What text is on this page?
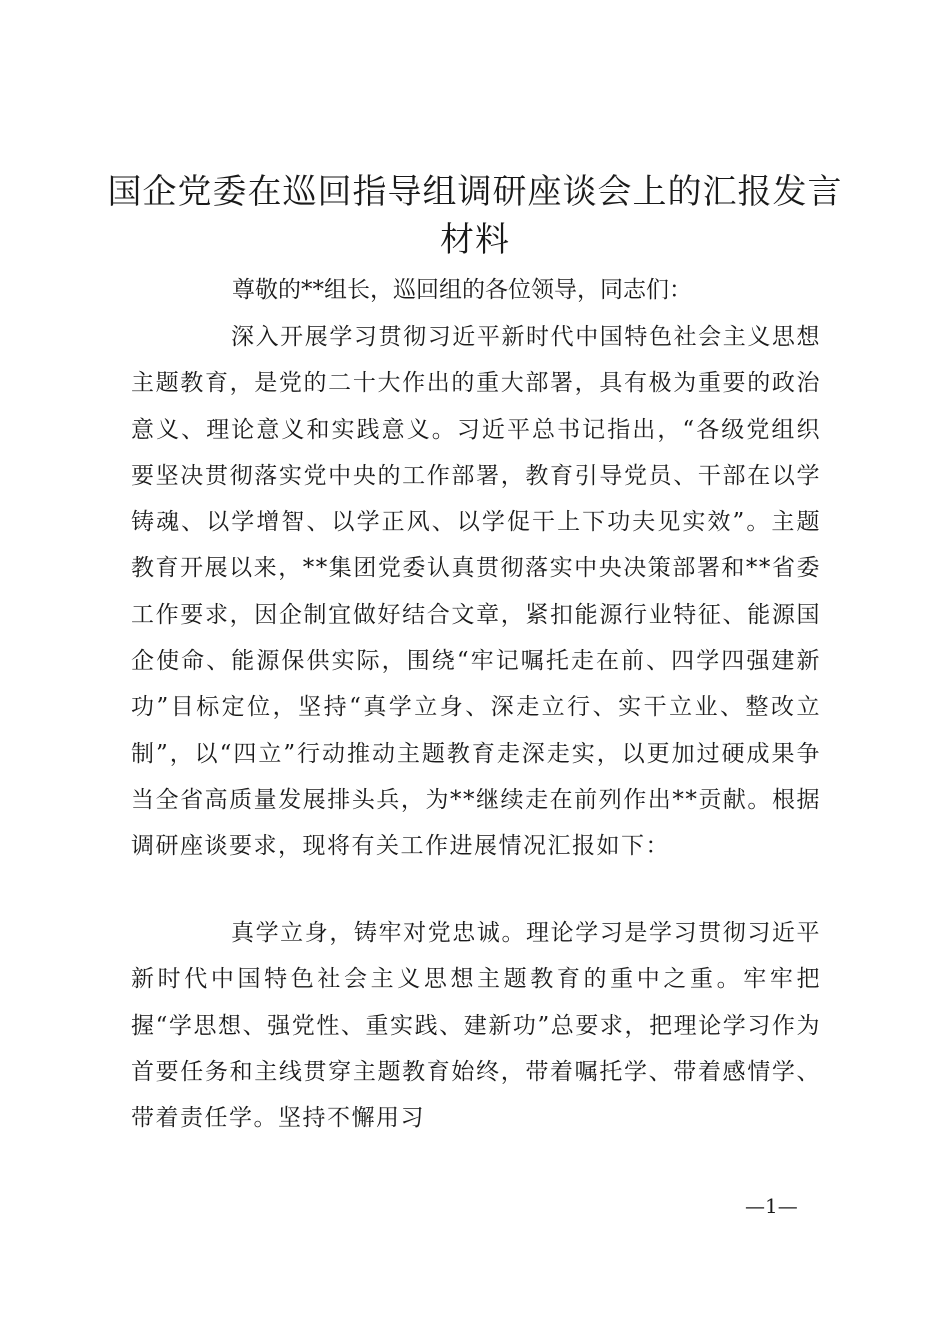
国企党委在巡回指导组调研座谈会上的汇报发言材料

尊敬的**组长，巡回组的各位领导，同志们：

深入开展学习贯彻习近平新时代中国特色社会主义思想主题教育，是党的二十大作出的重大部署，具有极为重要的政治意义、理论意义和实践意义。习近平总书记指出，“各级党组织要坚决贯彻落实党中央的工作部署，教育引导党员、干部在以学铸魂、以学增智、以学正风、以学促干上下功夫见实效”。主题教育开展以来，**集团党委认真贯彻落实中央决策部署和**省委工作要求，因企制宜做好结合文章，紧扣能源行业特征、能源国企使命、能源保供实际，围绕“牢记嘱托走在前、四学四强建新功”目标定位，坚持“真学立身、深走立行、实干立业、整改立制”，以“四立”行动推动主题教育走深走实，以更加过硬成果争当全省高质量发展排头兵，为**继续走在前列作出**贡献。根据调研座谈要求，现将有关工作进展情况汇报如下：

真学立身，铸牢对党忠诚。理论学习是学习贯彻习近平新时代中国特色社会主义思想主题教育的重中之重。牢牢把握“学思想、强党性、重实践、建新功”总要求，把理论学习作为首要任务和主线贯穿主题教育始终，带着嘱托学、带着感情学、带着责任学。坚持不懈用习

—1—
